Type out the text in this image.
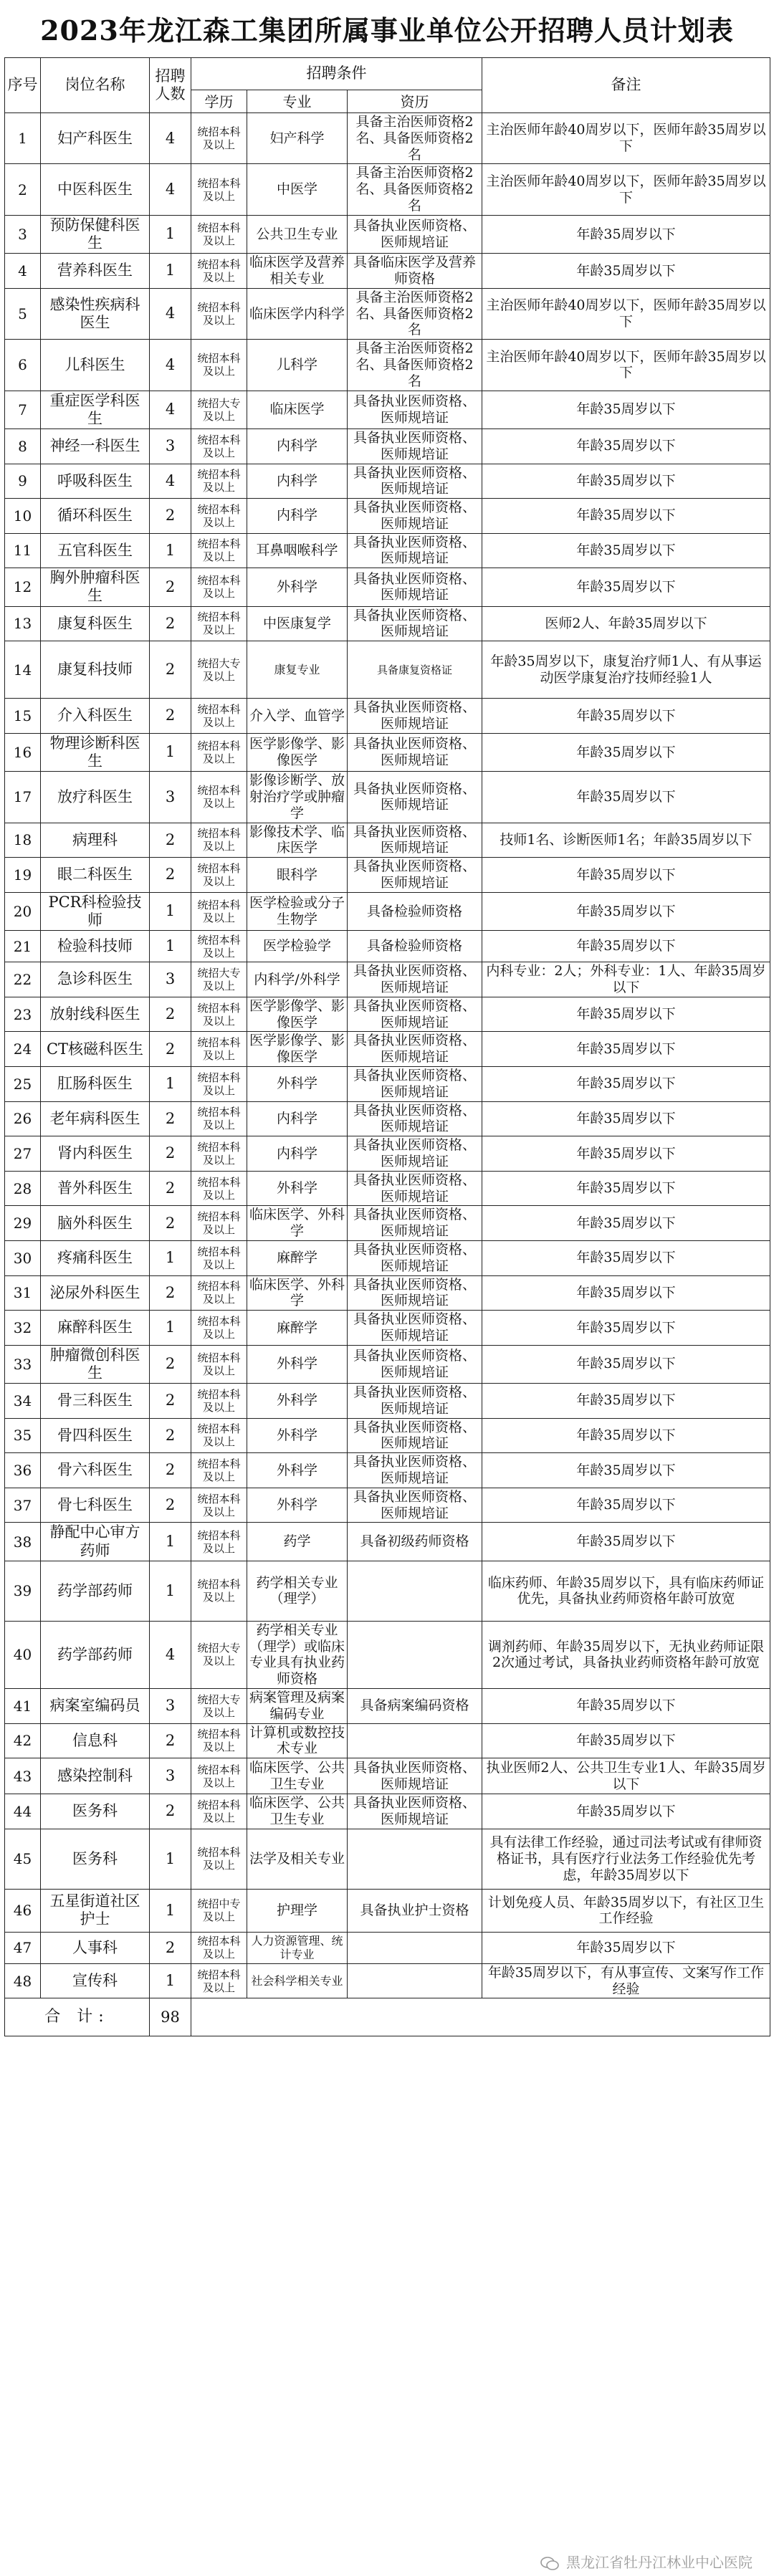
2023年龙江森工集团所属事业单位公开招聘人员计划表
序号	岗位名称	招聘人数	招聘条件			备注
			学历	专业	资历	
1	妇产科医生	4	统招本科及以上	妇产科学	具备主治医师资格2名、具备医师资格2名	主治医师年龄40周岁以下，医师年龄35周岁以下
2	中医科医生	4	统招本科及以上	中医学	具备主治医师资格2名、具备医师资格2名	主治医师年龄40周岁以下，医师年龄35周岁以下
3	预防保健科医生	1	统招本科及以上	公共卫生专业	具备执业医师资格、医师规培证	年龄35周岁以下
4	营养科医生	1	统招本科及以上	临床医学及营养相关专业	具备临床医学及营养师资格	年龄35周岁以下
5	感染性疾病科医生	4	统招本科及以上	临床医学内科学	具备主治医师资格2名、具备医师资格2名	主治医师年龄40周岁以下，医师年龄35周岁以下
6	儿科医生	4	统招本科及以上	儿科学	具备主治医师资格2名、具备医师资格2名	主治医师年龄40周岁以下，医师年龄35周岁以下
7	重症医学科医生	4	统招大专及以上	临床医学	具备执业医师资格、医师规培证	年龄35周岁以下
8	神经一科医生	3	统招本科及以上	内科学	具备执业医师资格、医师规培证	年龄35周岁以下
9	呼吸科医生	4	统招本科及以上	内科学	具备执业医师资格、医师规培证	年龄35周岁以下
10	循环科医生	2	统招本科及以上	内科学	具备执业医师资格、医师规培证	年龄35周岁以下
11	五官科医生	1	统招本科及以上	耳鼻咽喉科学	具备执业医师资格、医师规培证	年龄35周岁以下
12	胸外肿瘤科医生	2	统招本科及以上	外科学	具备执业医师资格、医师规培证	年龄35周岁以下
13	康复科医生	2	统招本科及以上	中医康复学	具备执业医师资格、医师规培证	医师2人、年龄35周岁以下
14	康复科技师	2	统招大专及以上	康复专业	具备康复资格证	年龄35周岁以下，康复治疗师1人、有从事运动医学康复治疗技师经验1人
15	介入科医生	2	统招本科及以上	介入学、血管学	具备执业医师资格、医师规培证	年龄35周岁以下
16	物理诊断科医生	1	统招本科及以上	医学影像学、影像医学	具备执业医师资格、医师规培证	年龄35周岁以下
17	放疗科医生	3	统招本科及以上	影像诊断学、放射治疗学或肿瘤学	具备执业医师资格、医师规培证	年龄35周岁以下
18	病理科	2	统招本科及以上	影像技术学、临床医学	具备执业医师资格、医师规培证	技师1名、诊断医师1名；年龄35周岁以下
19	眼二科医生	2	统招本科及以上	眼科学	具备执业医师资格、医师规培证	年龄35周岁以下
20	PCR科检验技师	1	统招本科及以上	医学检验或分子生物学	具备检验师资格	年龄35周岁以下
21	检验科技师	1	统招本科及以上	医学检验学	具备检验师资格	年龄35周岁以下
22	急诊科医生	3	统招大专及以上	内科学/外科学	具备执业医师资格、医师规培证	内科专业：2人；外科专业：1人、年龄35周岁以下
23	放射线科医生	2	统招本科及以上	医学影像学、影像医学	具备执业医师资格、医师规培证	年龄35周岁以下
24	CT核磁科医生	2	统招本科及以上	医学影像学、影像医学	具备执业医师资格、医师规培证	年龄35周岁以下
25	肛肠科医生	1	统招本科及以上	外科学	具备执业医师资格、医师规培证	年龄35周岁以下
26	老年病科医生	2	统招本科及以上	内科学	具备执业医师资格、医师规培证	年龄35周岁以下
27	肾内科医生	2	统招本科及以上	内科学	具备执业医师资格、医师规培证	年龄35周岁以下
28	普外科医生	2	统招本科及以上	外科学	具备执业医师资格、医师规培证	年龄35周岁以下
29	脑外科医生	2	统招本科及以上	临床医学、外科学	具备执业医师资格、医师规培证	年龄35周岁以下
30	疼痛科医生	1	统招本科及以上	麻醉学	具备执业医师资格、医师规培证	年龄35周岁以下
31	泌尿外科医生	2	统招本科及以上	临床医学、外科学	具备执业医师资格、医师规培证	年龄35周岁以下
32	麻醉科医生	1	统招本科及以上	麻醉学	具备执业医师资格、医师规培证	年龄35周岁以下
33	肿瘤微创科医生	2	统招本科及以上	外科学	具备执业医师资格、医师规培证	年龄35周岁以下
34	骨三科医生	2	统招本科及以上	外科学	具备执业医师资格、医师规培证	年龄35周岁以下
35	骨四科医生	2	统招本科及以上	外科学	具备执业医师资格、医师规培证	年龄35周岁以下
36	骨六科医生	2	统招本科及以上	外科学	具备执业医师资格、医师规培证	年龄35周岁以下
37	骨七科医生	2	统招本科及以上	外科学	具备执业医师资格、医师规培证	年龄35周岁以下
38	静配中心审方药师	1	统招本科及以上	药学	具备初级药师资格	年龄35周岁以下
39	药学部药师	1	统招本科及以上	药学相关专业（理学）		临床药师、年龄35周岁以下，具有临床药师证优先，具备执业药师资格年龄可放宽
40	药学部药师	4	统招大专及以上	药学相关专业（理学）或临床专业具有执业药师资格		调剂药师、年龄35周岁以下，无执业药师证限2次通过考试，具备执业药师资格年龄可放宽
41	病案室编码员	3	统招大专及以上	病案管理及病案编码专业	具备病案编码资格	年龄35周岁以下
42	信息科	2	统招本科及以上	计算机或数控技术专业		年龄35周岁以下
43	感染控制科	3	统招本科及以上	临床医学、公共卫生专业	具备执业医师资格、医师规培证	执业医师2人、公共卫生专业1人、年龄35周岁以下
44	医务科	2	统招本科及以上	临床医学、公共卫生专业	具备执业医师资格、医师规培证	年龄35周岁以下
45	医务科	1	统招本科及以上	法学及相关专业		具有法律工作经验，通过司法考试或有律师资格证书，具有医疗行业法务工作经验优先考虑，年龄35周岁以下
46	五星街道社区护士	1	统招中专及以上	护理学	具备执业护士资格	计划免疫人员、年龄35周岁以下，有社区卫生工作经验
47	人事科	2	统招本科及以上	人力资源管理、统计专业		年龄35周岁以下
48	宣传科	1	统招本科及以上	社会科学相关专业		年龄35周岁以下，有从事宣传、文案写作工作经验
合 计:		98				
黑龙江省牡丹江林业中心医院
